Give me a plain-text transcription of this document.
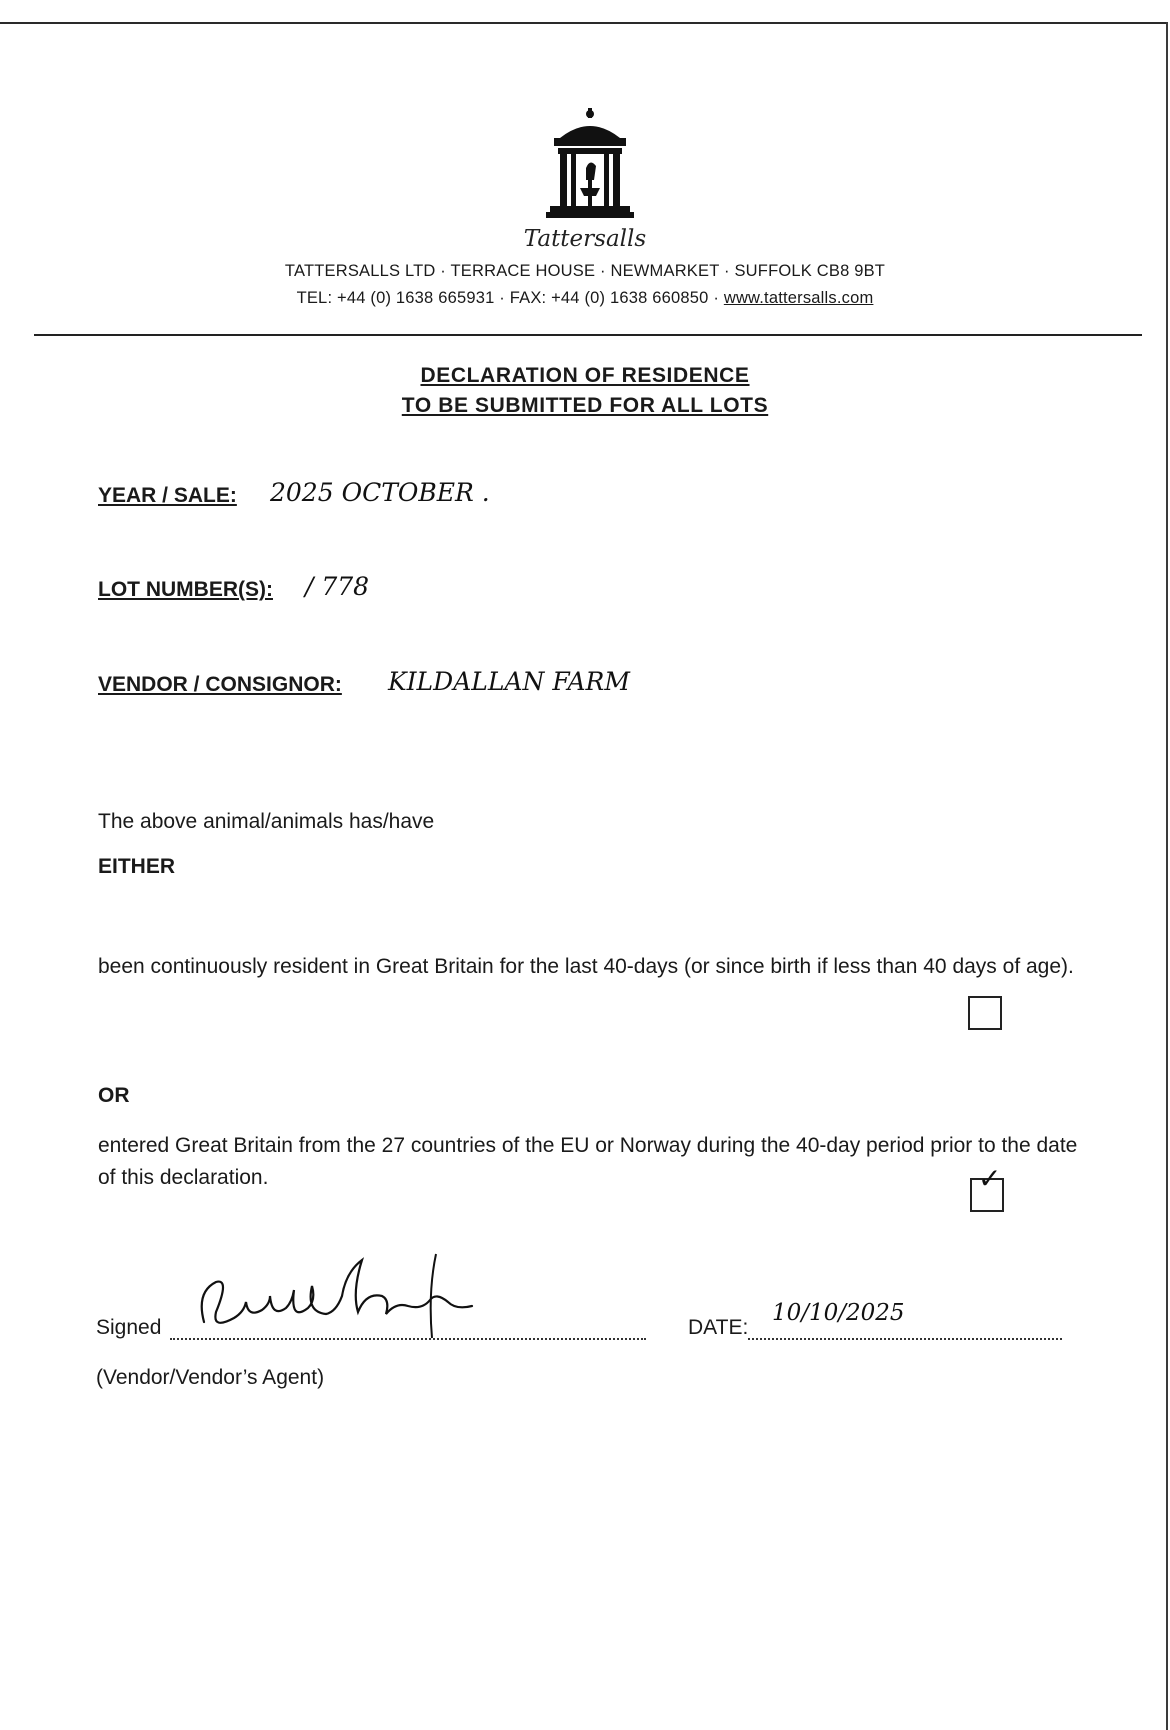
Tattersalls
TATTERSALLS LTD · TERRACE HOUSE · NEWMARKET · SUFFOLK CB8 9BT
TEL: +44 (0) 1638 665931 · FAX: +44 (0) 1638 660850 · www.tattersalls.com
DECLARATION OF RESIDENCE
TO BE SUBMITTED FOR ALL LOTS
YEAR / SALE: 2025 OCTOBER .
LOT NUMBER(S): / 778
VENDOR / CONSIGNOR: KILDALLAN FARM
The above animal/animals has/have
EITHER
been continuously resident in Great Britain for the last 40-days (or since birth if less than 40 days of age).
OR
entered Great Britain from the 27 countries of the EU or Norway during the 40-day period prior to the date of this declaration.	✓
Signed	DATE:
10/10/2025
(Vendor/Vendor’s Agent)
